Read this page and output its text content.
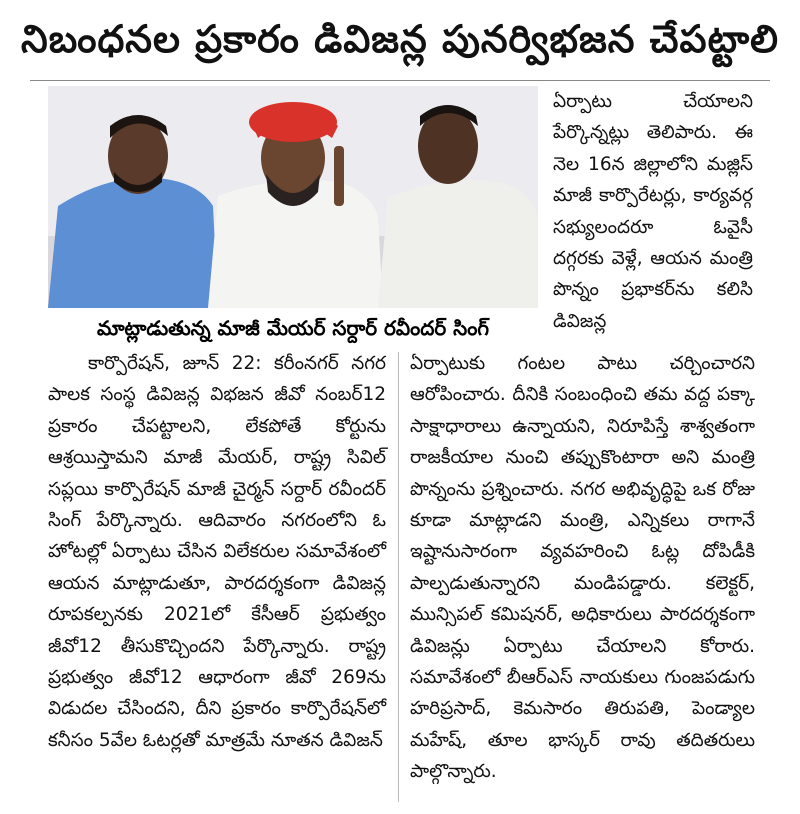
నిబంధనల ప్రకారం డివిజన్ల పునర్విభజన చేపట్టాలి
మాట్లాడుతున్న మాజీ మేయర్ సర్దార్ రవీందర్ సింగ్

ఏర్పాటు చేయాలని పేర్కొన్నట్లు తెలిపారు. ఈ నెల 16న జిల్లాలోని మజ్లిస్ మాజీ కార్పొరేటర్లు, కార్యవర్గ సభ్యులందరూ ఓవైసీ దగ్గరకు వెళ్లే, ఆయన మంత్రి పొన్నం ప్రభాకర్‌ను కలిసి డివిజన్ల

కార్పొరేషన్, జూన్ 22: కరీంనగర్ నగర పాలక సంస్థ డివిజన్ల విభజన జీవో నంబర్12 ప్రకారం చేపట్టాలని, లేకపోతే కోర్టును ఆశ్రయిస్తామని మాజీ మేయర్, రాష్ట్ర సివిల్ సప్లయి కార్పొరేషన్ మాజీ చైర్మన్ సర్దార్ రవీందర్ సింగ్ పేర్కొన్నారు. ఆదివారం నగరంలోని ఓ హోటల్లో ఏర్పాటు చేసిన విలేకరుల సమావేశంలో ఆయన మాట్లాడుతూ, పారదర్శకంగా డివిజన్ల రూపకల్పనకు 2021లో కేసీఆర్ ప్రభుత్వం జీవో12 తీసుకొచ్చిందని పేర్కొన్నారు. రాష్ట్ర ప్రభుత్వం జీవో12 ఆధారంగా జీవో 269ను విడుదల చేసిందని, దీని ప్రకారం కార్పొరేషన్‌లో కనీసం 5వేల ఓటర్లతో మాత్రమే నూతన డివిజన్

ఏర్పాటుకు గంటల పాటు చర్చించారని ఆరోపించారు. దీనికి సంబంధించి తమ వద్ద పక్కా సాక్షాధారాలు ఉన్నాయని, నిరూపిస్తే శాశ్వతంగా రాజకీయాల నుంచి తప్పుకొంటారా అని మంత్రి పొన్నంను ప్రశ్నించారు. నగర అభివృద్ధిపై ఒక రోజు కూడా మాట్లాడని మంత్రి, ఎన్నికలు రాగానే ఇష్టానుసారంగా వ్యవహరించి ఓట్ల దోపిడీకి పాల్పడుతున్నారని మండిపడ్డారు. కలెక్టర్, మున్సిపల్ కమిషనర్, అధికారులు పారదర్శకంగా డివిజన్లు ఏర్పాటు చేయాలని కోరారు. సమావేశంలో బీఆర్ఎస్ నాయకులు గుంజపడుగు హరిప్రసాద్, కెమసారం తిరుపతి, పెండ్యాల మహేష్, తూల భాస్కర్ రావు తదితరులు పాల్గొన్నారు.
